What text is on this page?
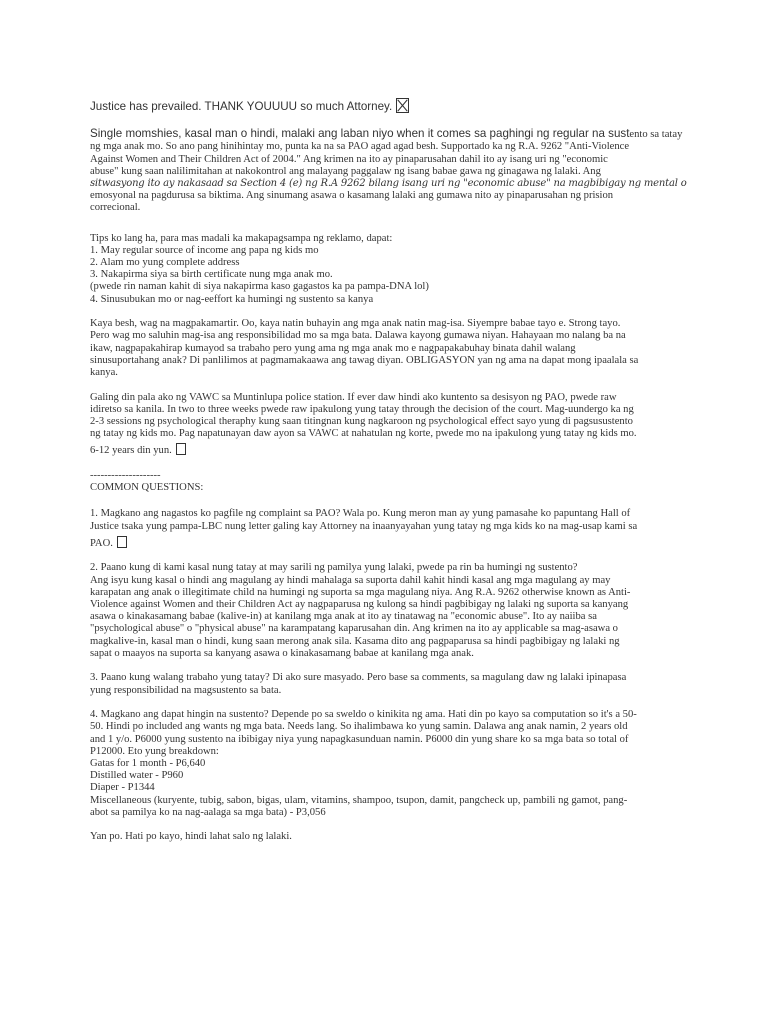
Justice has prevailed. THANK YOUUUU so much Attorney.

Single momshies, kasal man o hindi, malaki ang laban niyo when it comes sa paghingi ng regular na sustento sa tatay
ng mga anak mo. So ano pang hinihintay mo, punta ka na sa PAO agad agad besh. Supportado ka ng R.A. 9262 "Anti-Violence
Against Women and Their Children Act of 2004." Ang krimen na ito ay pinaparusahan dahil ito ay isang uri ng "economic
abuse" kung saan nalilimitahan at nakokontrol ang malayang paggalaw ng isang babae gawa ng ginagawa ng lalaki. Ang
sitwasyong ito ay nakasaad sa Section 4 (e) ng R.A 9262 bilang isang uri ng "economic abuse" na magbibigay ng mental o
emosyonal na pagdurusa sa biktima. Ang sinumang asawa o kasamang lalaki ang gumawa nito ay pinaparusahan ng prision
correcional.

Tips ko lang ha, para mas madali ka makapagsampa ng reklamo, dapat:
1. May regular source of income ang papa ng kids mo
2. Alam mo yung complete address
3. Nakapirma siya sa birth certificate nung mga anak mo.
(pwede rin naman kahit di siya nakapirma kaso gagastos ka pa pampa-DNA lol)
4. Sinusubukan mo or nag-eeffort ka humingi ng sustento sa kanya

Kaya besh, wag na magpakamartir. Oo, kaya natin buhayin ang mga anak natin mag-isa. Siyempre babae tayo e. Strong tayo.
Pero wag mo saluhin mag-isa ang responsibilidad mo sa mga bata. Dalawa kayong gumawa niyan. Hahayaan mo nalang ba na
ikaw, nagpapakahirap kumayod sa trabaho pero yung ama ng mga anak mo e nagpapakabuhay binata dahil walang
sinusuportahang anak? Di panlilimos at pagmamakaawa ang tawag diyan. OBLIGASYON yan ng ama na dapat mong ipaalala sa
kanya.

Galing din pala ako ng VAWC sa Muntinlupa police station. If ever daw hindi ako kuntento sa desisyon ng PAO, pwede raw
idiretso sa kanila. In two to three weeks pwede raw ipakulong yung tatay through the decision of the court. Mag-uundergo ka ng
2-3 sessions ng psychological theraphy kung saan titingnan kung nagkaroon ng psychological effect sayo yung di pagsusustento
ng tatay ng kids mo. Pag napatunayan daw ayon sa VAWC at nahatulan ng korte, pwede mo na ipakulong yung tatay ng kids mo.
6-12 years din yun.

--------------------
COMMON QUESTIONS:

1. Magkano ang nagastos ko pagfile ng complaint sa PAO? Wala po. Kung meron man ay yung pamasahe ko papuntang Hall of
Justice tsaka yung pampa-LBC nung letter galing kay Attorney na inaanyayahan yung tatay ng mga kids ko na mag-usap kami sa
PAO.

2. Paano kung di kami kasal nung tatay at may sarili ng pamilya yung lalaki, pwede pa rin ba humingi ng sustento?
Ang isyu kung kasal o hindi ang magulang ay hindi mahalaga sa suporta dahil kahit hindi kasal ang mga magulang ay may
karapatan ang anak o illegitimate child na humingi ng suporta sa mga magulang niya. Ang R.A. 9262 otherwise known as Anti-
Violence against Women and their Children Act ay nagpaparusa ng kulong sa hindi pagbibigay ng lalaki ng suporta sa kanyang
asawa o kinakasamang babae (kalive-in) at kanilang mga anak at ito ay tinatawag na "economic abuse". Ito ay naiiba sa
"psychological abuse" o "physical abuse" na karampatang kaparusahan din. Ang krimen na ito ay applicable sa mag-asawa o
magkalive-in, kasal man o hindi, kung saan merong anak sila. Kasama dito ang pagpaparusa sa hindi pagbibigay ng lalaki ng
sapat o maayos na suporta sa kanyang asawa o kinakasamang babae at kanilang mga anak.

3. Paano kung walang trabaho yung tatay? Di ako sure masyado. Pero base sa comments, sa magulang daw ng lalaki ipinapasa
yung responsibilidad na magsustento sa bata.

4. Magkano ang dapat hingin na sustento? Depende po sa sweldo o kinikita ng ama. Hati din po kayo sa computation so it's a 50-
50. Hindi po included ang wants ng mga bata. Needs lang. So ihalimbawa ko yung samin. Dalawa ang anak namin, 2 years old
and 1 y/o. P6000 yung sustento na ibibigay niya yung napagkasunduan namin. P6000 din yung share ko sa mga bata so total of
P12000. Eto yung breakdown:
Gatas for 1 month - P6,640
Distilled water - P960
Diaper - P1344
Miscellaneous (kuryente, tubig, sabon, bigas, ulam, vitamins, shampoo, tsupon, damit, pangcheck up, pambili ng gamot, pang-
abot sa pamilya ko na nag-aalaga sa mga bata) - P3,056

Yan po. Hati po kayo, hindi lahat salo ng lalaki.
